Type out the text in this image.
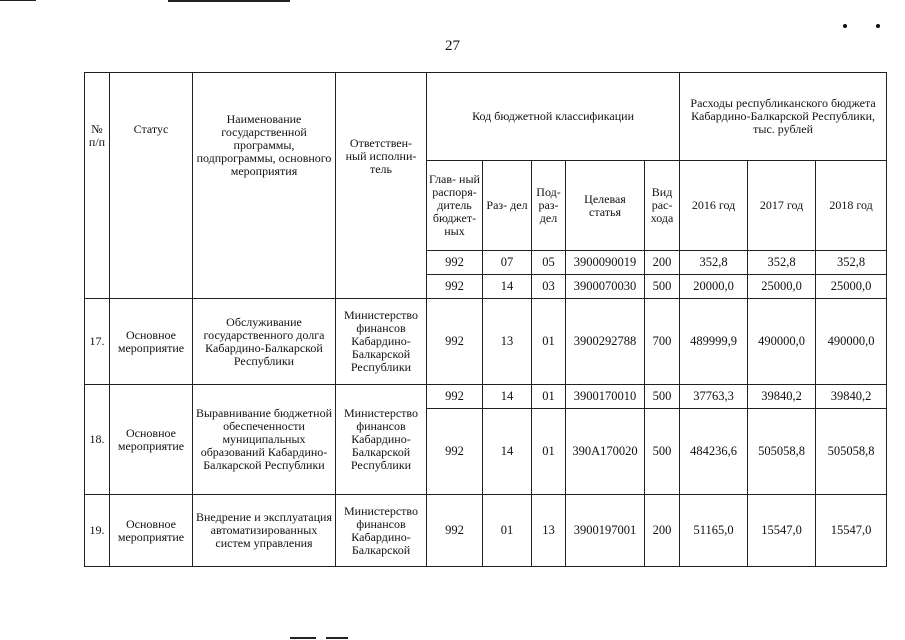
27
№ п/п	Статус	Наименование государственной программы, подпрограммы, основного мероприятия	Ответствен- ный исполни- тель	Код бюджетной классификации					Расходы республиканского бюджета Кабардино-Балкарской Республики, тыс. рублей		
				Глав- ный распоря- дитель бюджет- ных	Раз- дел	Под- раз- дел	Целевая статья	Вид рас- хода	2016 год	2017 год	2018 год
				992	07	05	3900090019	200	352,8	352,8	352,8
				992	14	03	3900070030	500	20000,0	25000,0	25000,0
17.	Основное мероприятие	Обслуживание государственного долга Кабардино-Балкарской Республики	Министерство финансов Кабардино- Балкарской Республики	992	13	01	3900292788	700	489999,9	490000,0	490000,0
18.	Основное мероприятие	Выравнивание бюджетной обеспеченности муниципальных образований Кабардино-Балкарской Республики	Министерство финансов Кабардино- Балкарской Республики	992	14	01	3900170010	500	37763,3	39840,2	39840,2
				992	14	01	390А170020	500	484236,6	505058,8	505058,8
19.	Основное мероприятие	Внедрение и эксплуатация автоматизированных систем управления	Министерство финансов Кабардино- Балкарской	992	01	13	3900197001	200	51165,0	15547,0	15547,0
